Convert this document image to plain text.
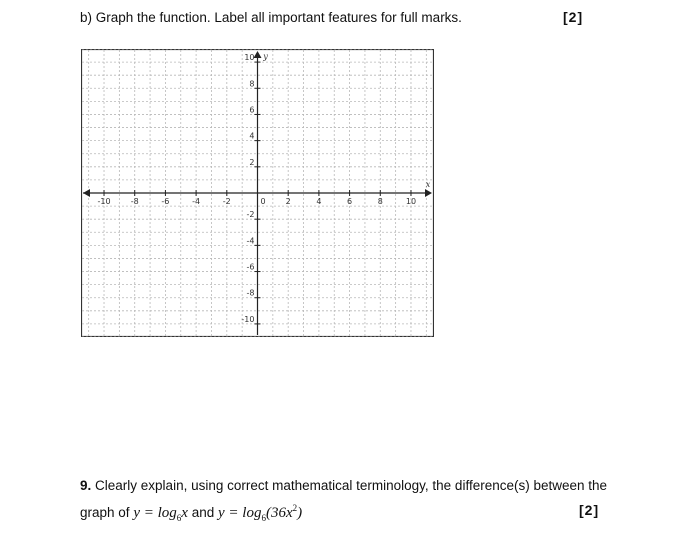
b) Graph the function. Label all important features for full marks.	[2]
-10	-8	-6	-4	-2	0	2	4	6	8	10
10
8
6
4
2
-2
-4
-6
-8
-10
x
y
9. Clearly explain, using correct mathematical terminology, the difference(s) between the
graph of $y = \log_6x$ and $y = \log_6(36x^2)$	[2]
